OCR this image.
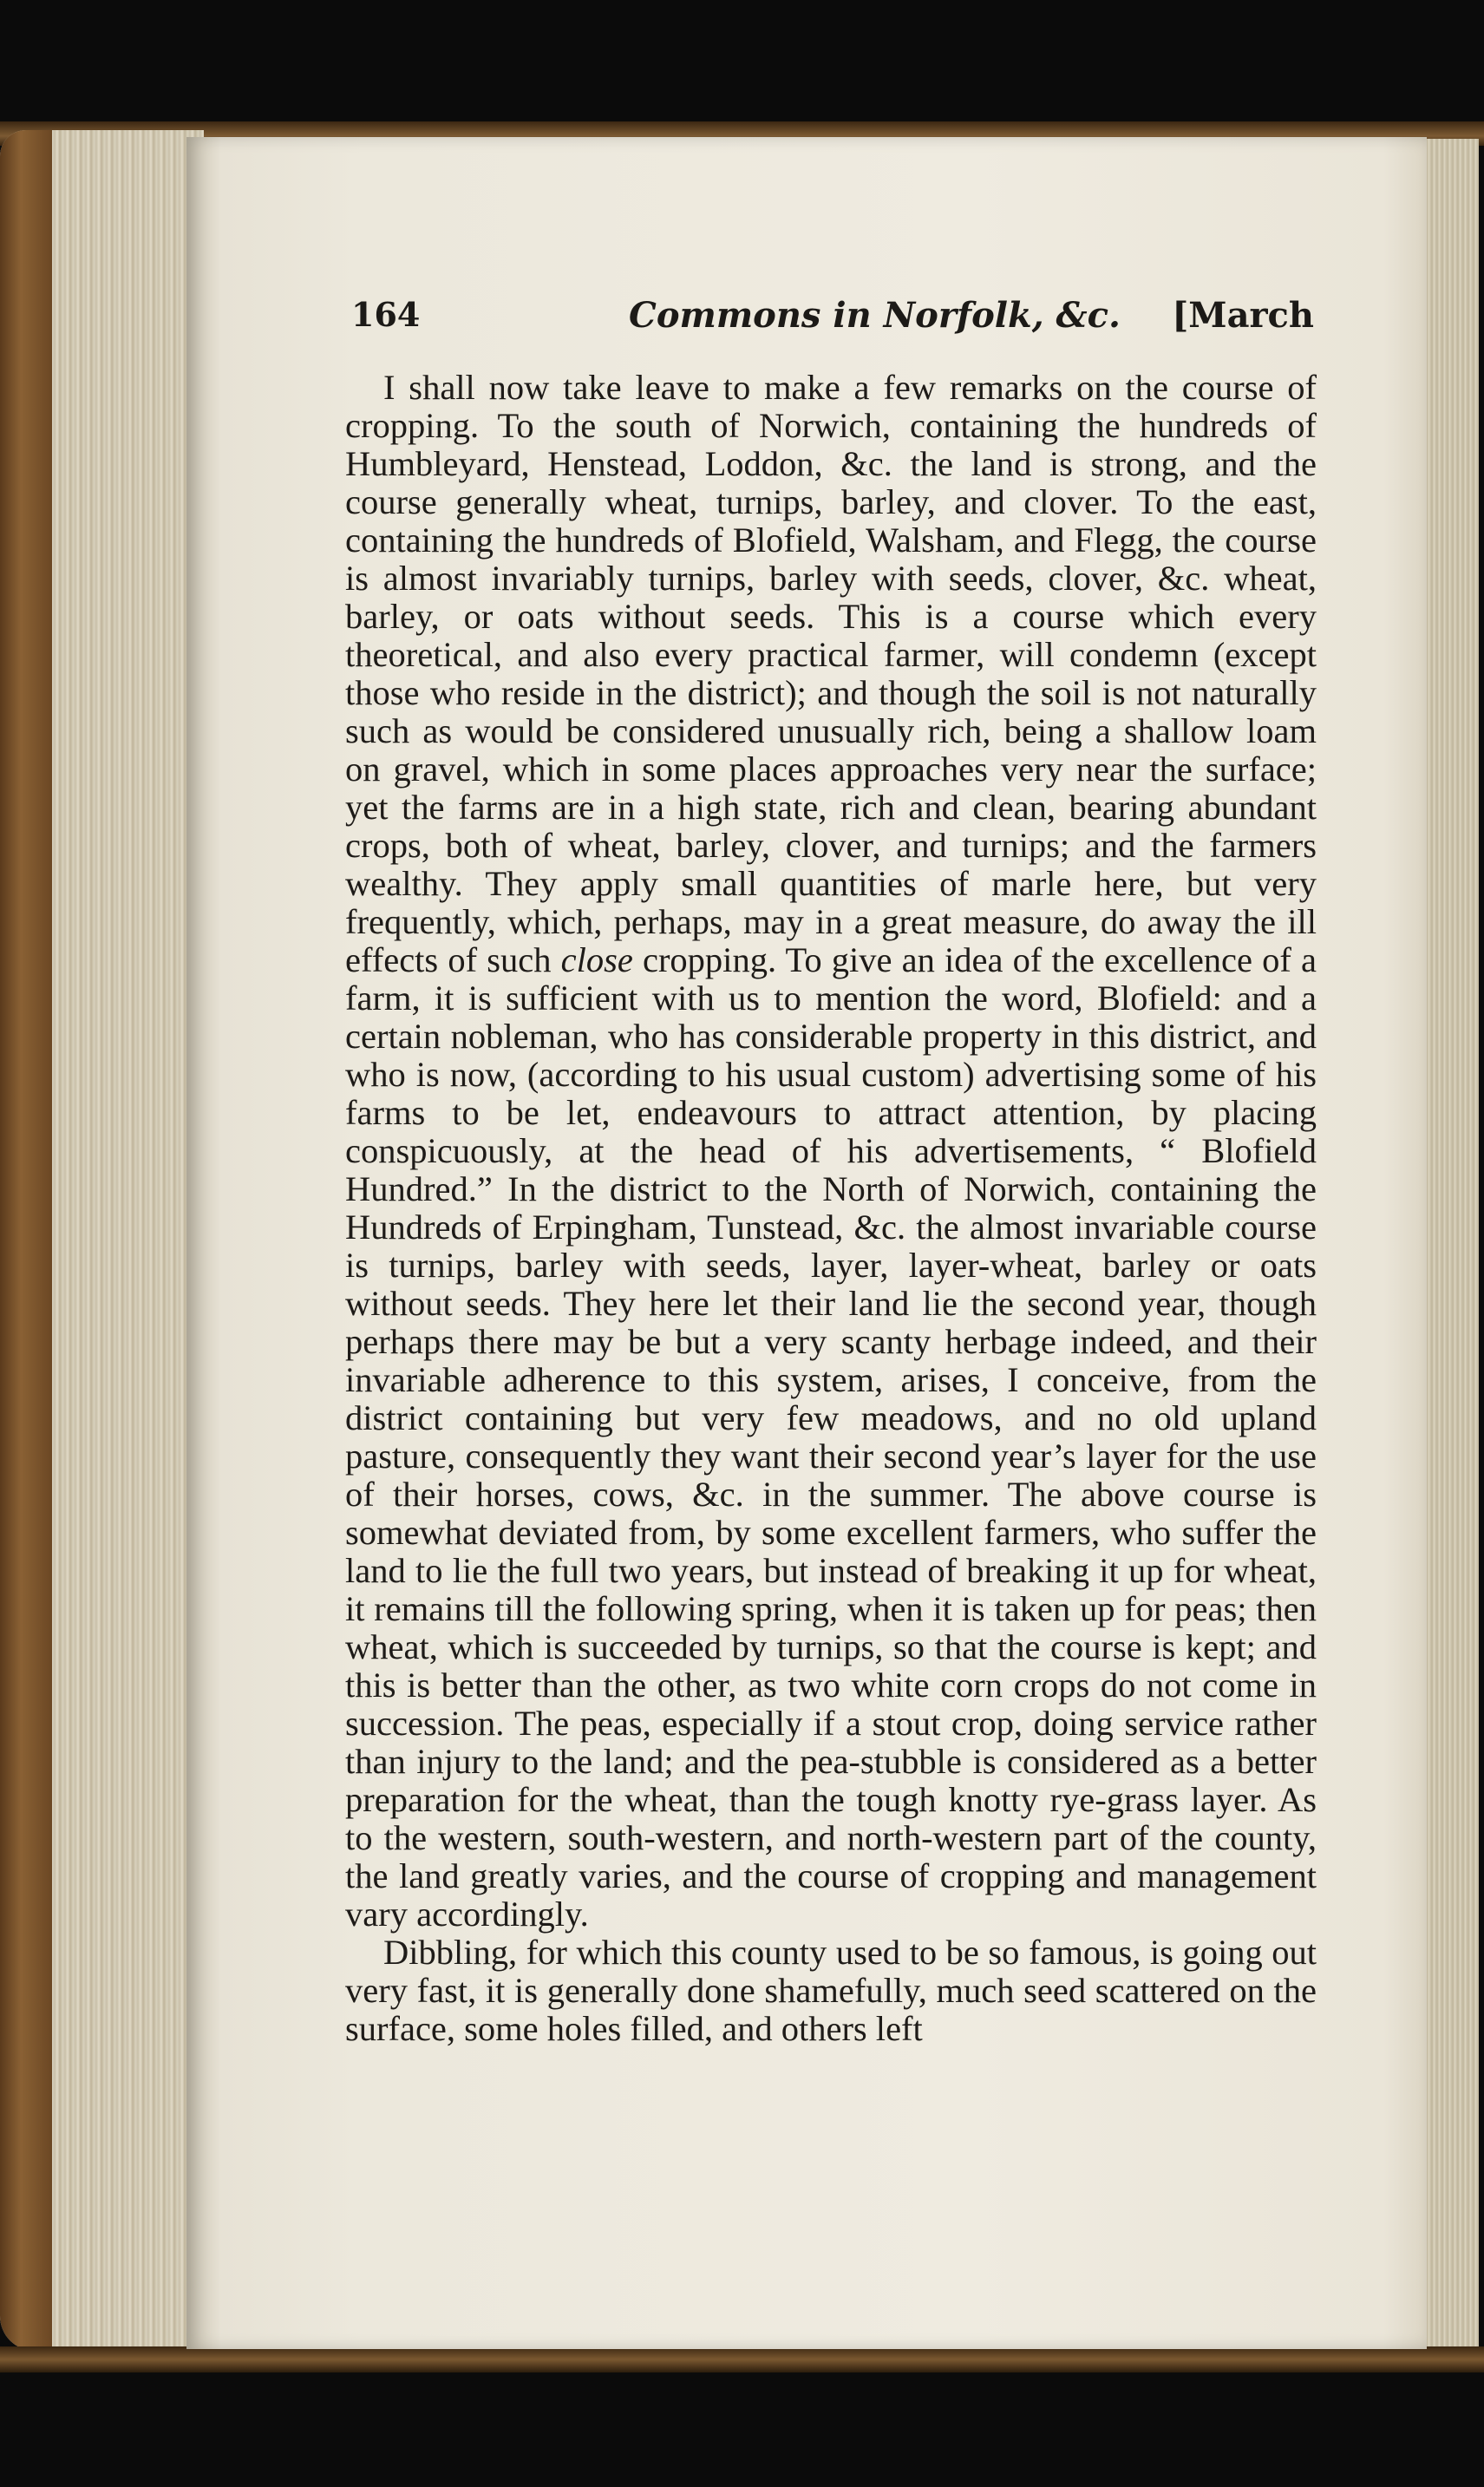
164	Commons in Norfolk, &c. [March

I shall now take leave to make a few remarks on the course of cropping. To the south of Norwich, containing the hundreds of Humbleyard, Henstead, Loddon, &c. the land is strong, and the course generally wheat, turnips, barley, and clover. To the east, containing the hundreds of Blofield, Walsham, and Flegg, the course is almost invariably turnips, barley with seeds, clover, &c. wheat, barley, or oats without seeds. This is a course which every theoretical, and also every practical farmer, will condemn (except those who reside in the district); and though the soil is not naturally such as would be considered unusually rich, being a shallow loam on gravel, which in some places approaches very near the surface; yet the farms are in a high state, rich and clean, bearing abundant crops, both of wheat, barley, clover, and turnips; and the farmers wealthy. They apply small quantities of marle here, but very frequently, which, perhaps, may in a great measure, do away the ill effects of such close cropping. To give an idea of the excellence of a farm, it is sufficient with us to mention the word, Blofield: and a certain nobleman, who has considerable property in this district, and who is now, (according to his usual custom) advertising some of his farms to be let, endeavours to attract attention, by placing conspicuously, at the head of his advertisements, “ Blofield Hundred.” In the district to the North of Norwich, containing the Hundreds of Erpingham, Tunstead, &c. the almost invariable course is turnips, barley with seeds, layer, layer-wheat, barley or oats without seeds. They here let their land lie the second year, though perhaps there may be but a very scanty herbage indeed, and their invariable adherence to this system, arises, I conceive, from the district containing but very few meadows, and no old upland pasture, consequently they want their second year’s layer for the use of their horses, cows, &c. in the summer. The above course is somewhat deviated from, by some excellent farmers, who suffer the land to lie the full two years, but instead of breaking it up for wheat, it remains till the following spring, when it is taken up for peas; then wheat, which is succeeded by turnips, so that the course is kept; and this is better than the other, as two white corn crops do not come in succession. The peas, especially if a stout crop, doing service rather than injury to the land; and the pea-stubble is considered as a better preparation for the wheat, than the tough knotty rye-grass layer. As to the western, south-western, and north-western part of the county, the land greatly varies, and the course of cropping and management vary accordingly.

Dibbling, for which this county used to be so famous, is going out very fast, it is generally done shamefully, much seed scattered on the surface, some holes filled, and others left
